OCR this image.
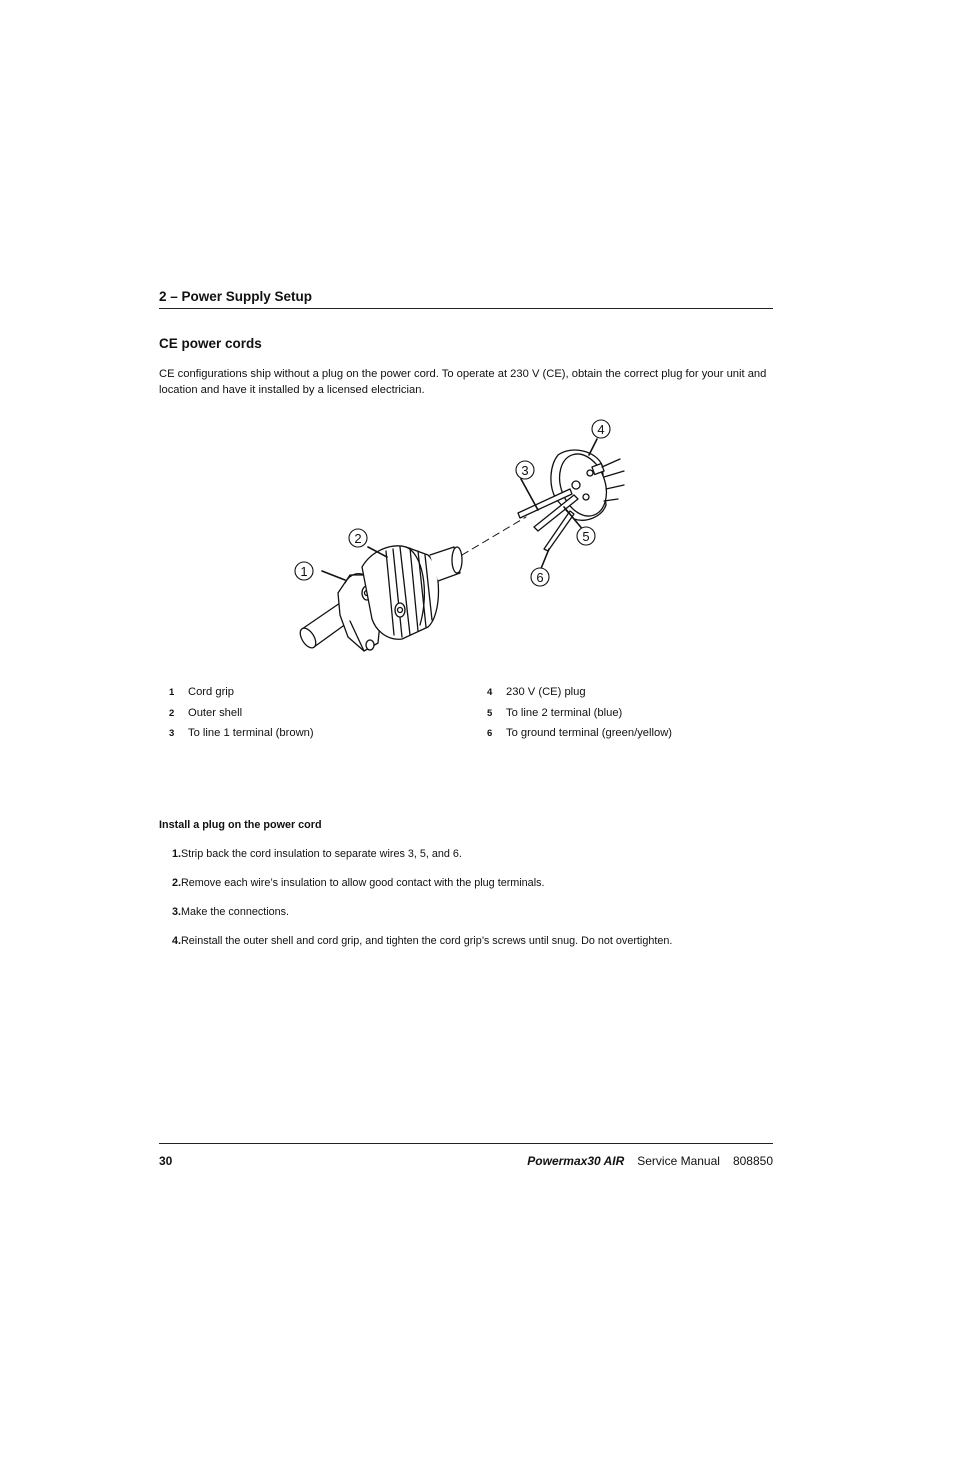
2 – Power Supply Setup
CE power cords
CE configurations ship without a plug on the power cord. To operate at 230 V (CE), obtain the correct plug for your unit and location and have it installed by a licensed electrician.
1
2
3
4
5
6
1	Cord grip
2	Outer shell
3	To line 1 terminal (brown)
4	230 V (CE) plug
5	To line 2 terminal (blue)
6	To ground terminal (green/yellow)
Install a plug on the power cord
1. Strip back the cord insulation to separate wires 3, 5, and 6.
2. Remove each wire’s insulation to allow good contact with the plug terminals.
3. Make the connections.
4. Reinstall the outer shell and cord grip, and tighten the cord grip’s screws until snug. Do not overtighten.
30	Powermax30 AIR Service Manual 808850
